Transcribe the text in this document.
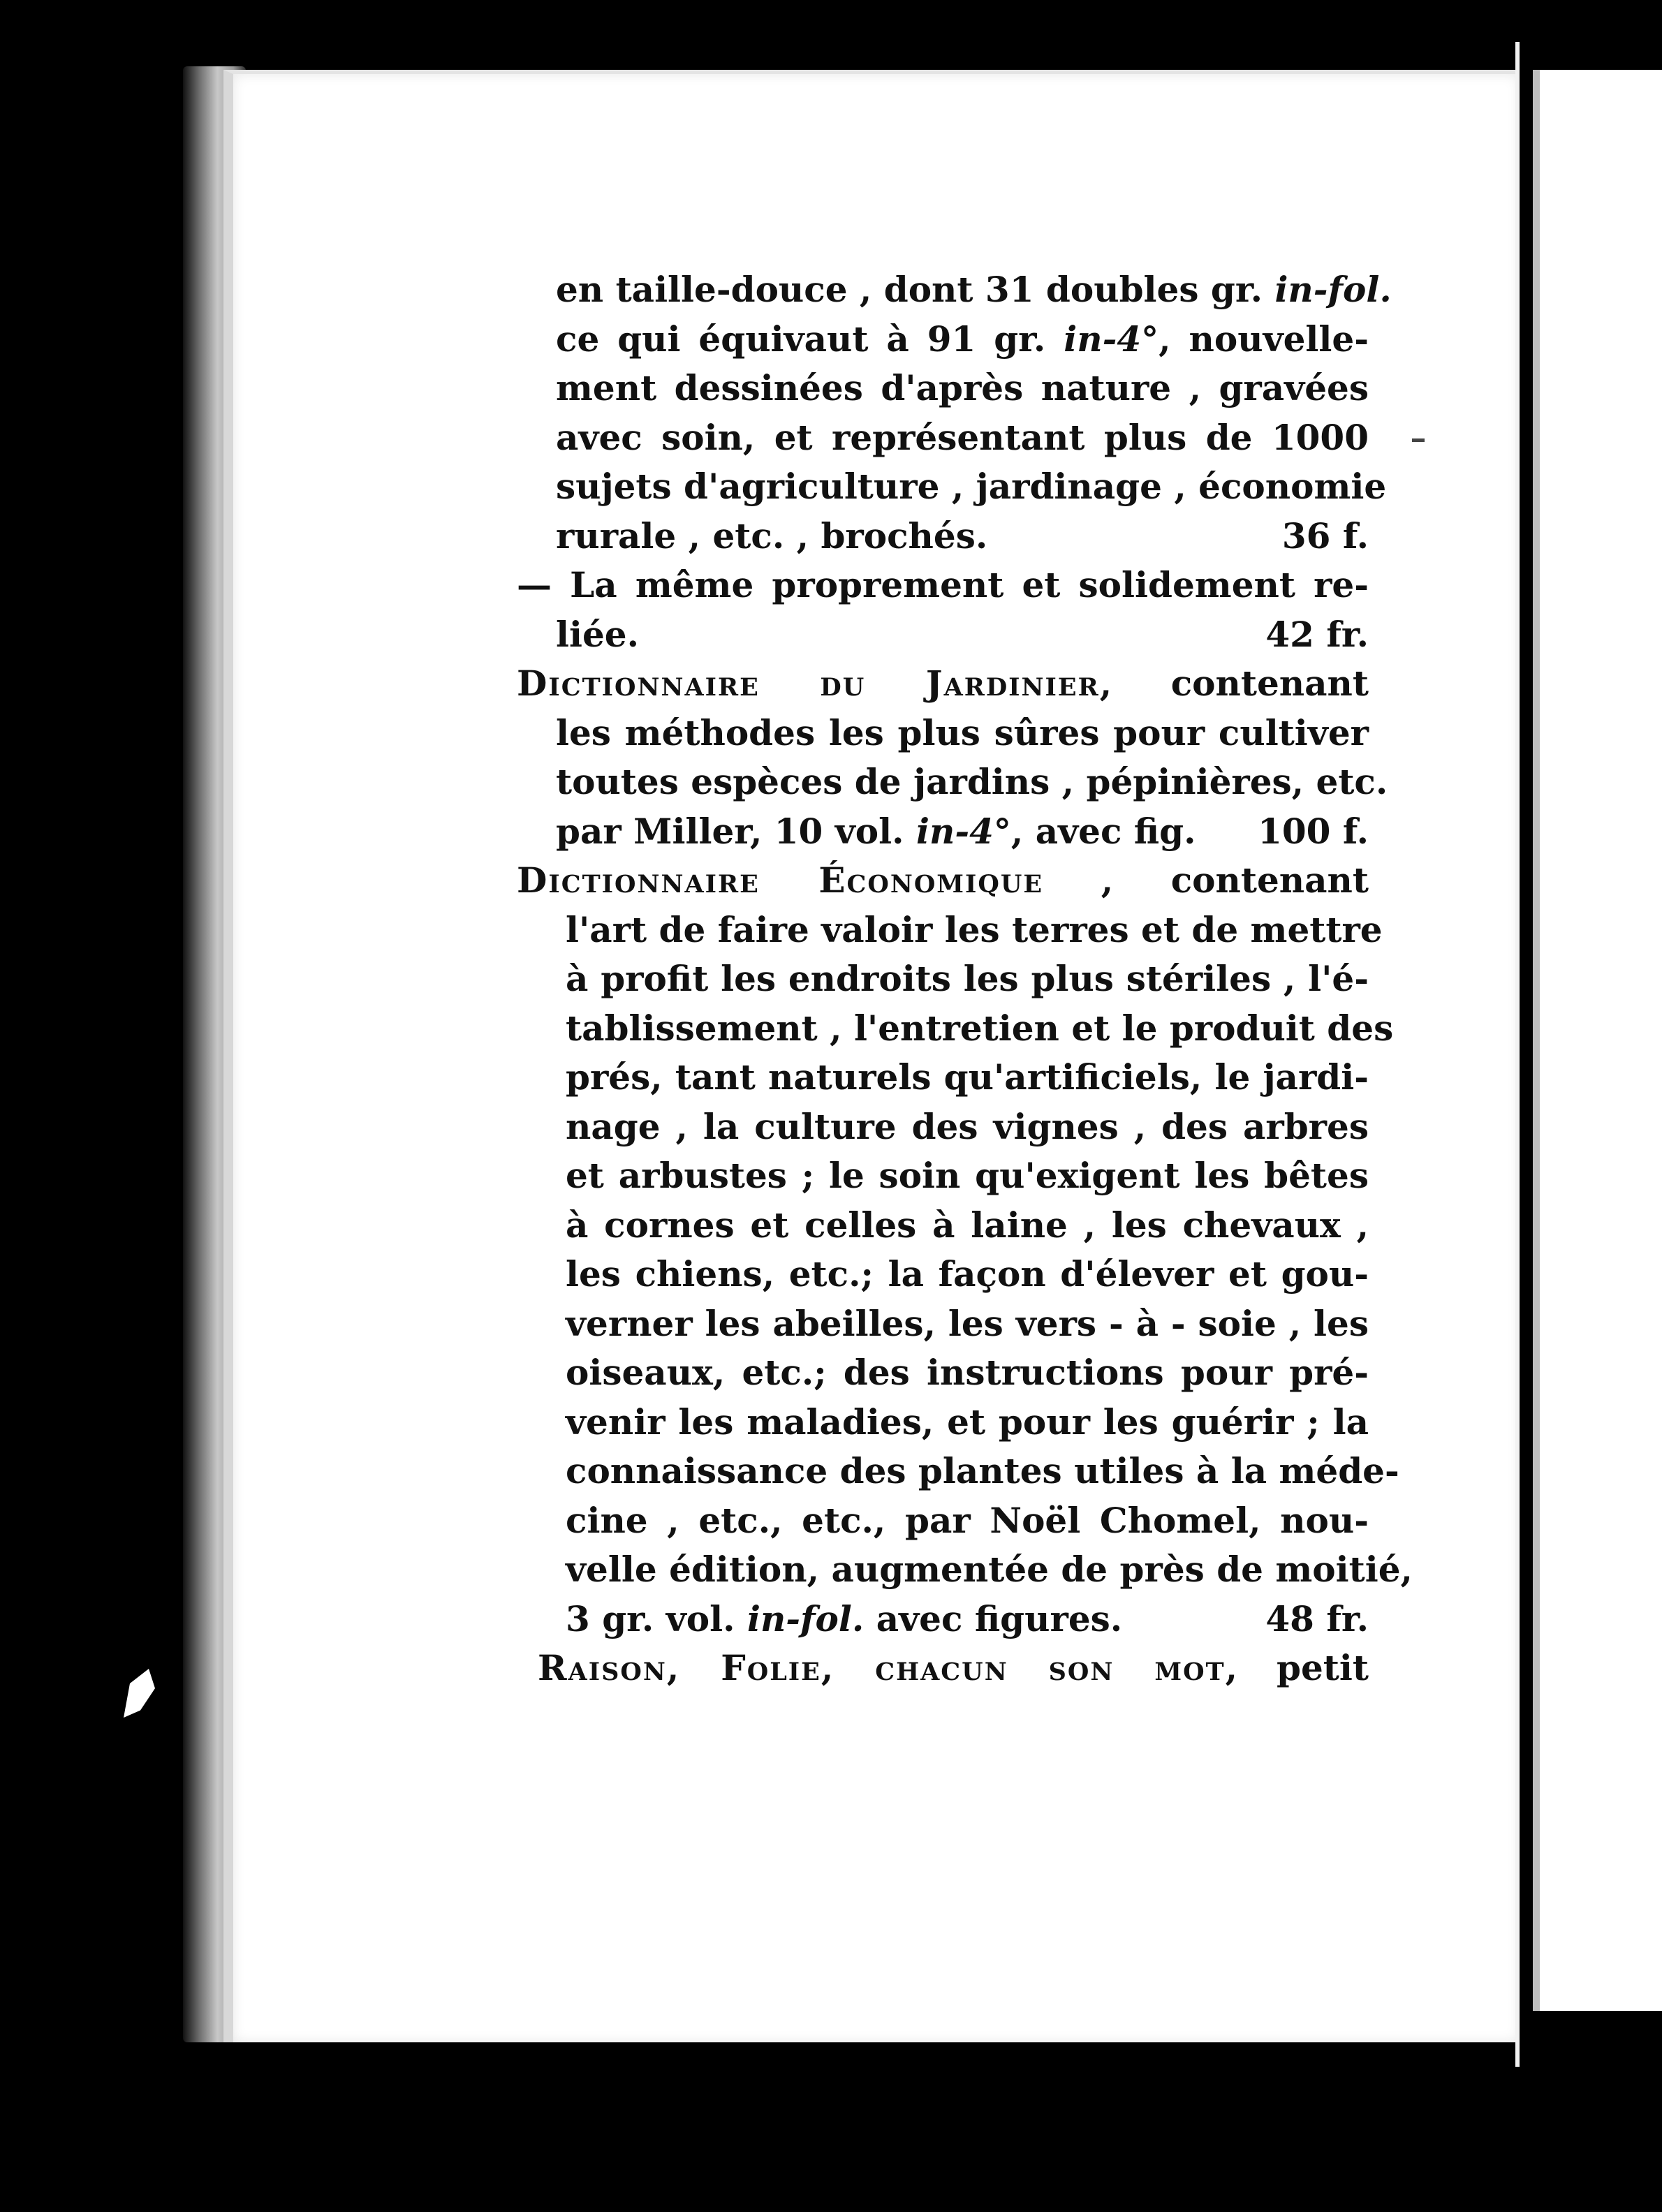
en taille-douce , dont 31 doubles gr. in-fol.
ce qui équivaut à 91 gr. in-4°, nouvelle-
ment dessinées d'après nature , gravées
avec soin, et représentant plus de 1000
sujets d'agriculture , jardinage , économie
rurale , etc. , brochés.	36 f.
— La même proprement et solidement re-
liée.	42 fr.
Dictionnaire du Jardinier, contenant
les méthodes les plus sûres pour cultiver
toutes espèces de jardins , pépinières, etc.
par Miller, 10 vol. in-4°, avec fig. 100 f.
Dictionnaire Économique , contenant
l'art de faire valoir les terres et de mettre
à profit les endroits les plus stériles , l'é-
tablissement , l'entretien et le produit des
prés, tant naturels qu'artificiels, le jardi-
nage , la culture des vignes , des arbres
et arbustes ; le soin qu'exigent les bêtes
à cornes et celles à laine , les chevaux ,
les chiens, etc.; la façon d'élever et gou-
verner les abeilles, les vers - à - soie , les
oiseaux, etc.; des instructions pour pré-
venir les maladies, et pour les guérir ; la
connaissance des plantes utiles à la méde-
cine , etc., etc., par Noël Chomel, nou-
velle édition, augmentée de près de moitié,
3 gr. vol. in-fol. avec figures.	48 fr.
Raison, Folie, chacun son mot, petit
